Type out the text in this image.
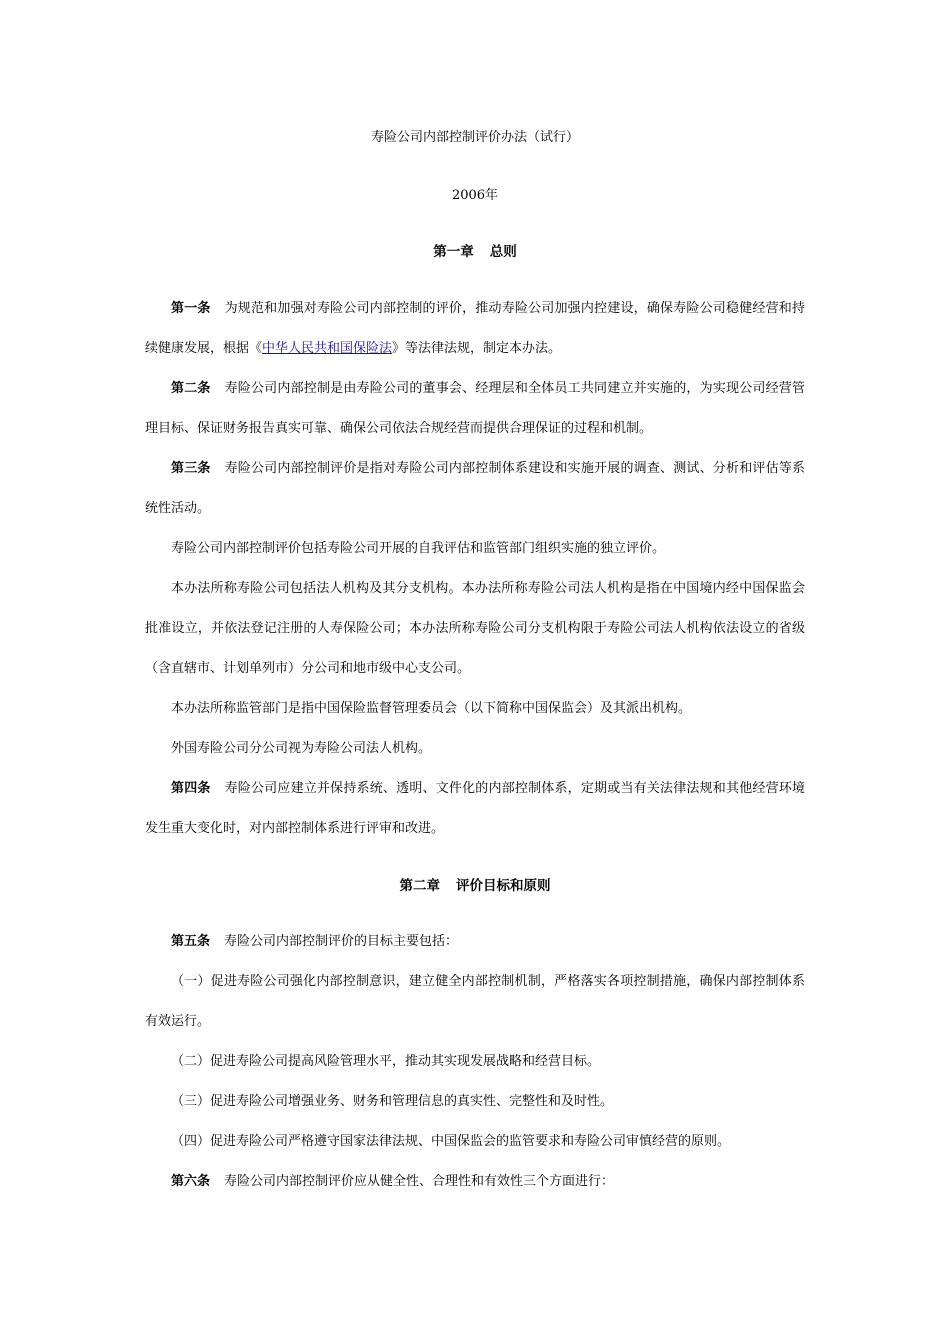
寿险公司内部控制评价办法（试行）
2006年
第一章 总则

第一条 为规范和加强对寿险公司内部控制的评价，推动寿险公司加强内控建设，确保寿险公司稳健经营和持续健康发展，根据《中华人民共和国保险法》等法律法规，制定本办法。

第二条 寿险公司内部控制是由寿险公司的董事会、经理层和全体员工共同建立并实施的，为实现公司经营管理目标、保证财务报告真实可靠、确保公司依法合规经营而提供合理保证的过程和机制。

第三条 寿险公司内部控制评价是指对寿险公司内部控制体系建设和实施开展的调查、测试、分析和评估等系统性活动。

寿险公司内部控制评价包括寿险公司开展的自我评估和监管部门组织实施的独立评价。

本办法所称寿险公司包括法人机构及其分支机构。本办法所称寿险公司法人机构是指在中国境内经中国保监会批准设立，并依法登记注册的人寿保险公司；本办法所称寿险公司分支机构限于寿险公司法人机构依法设立的省级（含直辖市、计划单列市）分公司和地市级中心支公司。

本办法所称监管部门是指中国保险监督管理委员会（以下简称中国保监会）及其派出机构。

外国寿险公司分公司视为寿险公司法人机构。

第四条 寿险公司应建立并保持系统、透明、文件化的内部控制体系，定期或当有关法律法规和其他经营环境发生重大变化时，对内部控制体系进行评审和改进。

第二章 评价目标和原则

第五条 寿险公司内部控制评价的目标主要包括：

（一）促进寿险公司强化内部控制意识，建立健全内部控制机制，严格落实各项控制措施，确保内部控制体系有效运行。

（二）促进寿险公司提高风险管理水平，推动其实现发展战略和经营目标。

（三）促进寿险公司增强业务、财务和管理信息的真实性、完整性和及时性。

（四）促进寿险公司严格遵守国家法律法规、中国保监会的监管要求和寿险公司审慎经营的原则。

第六条 寿险公司内部控制评价应从健全性、合理性和有效性三个方面进行：
